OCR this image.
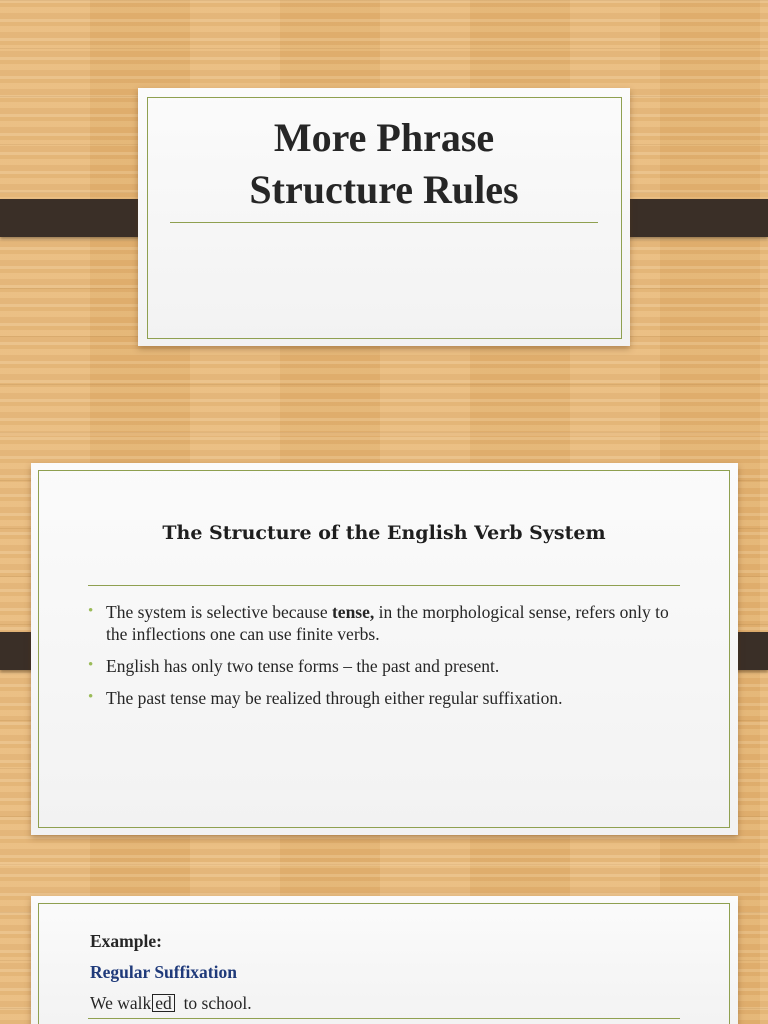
More Phrase
Structure Rules
The Structure of the English Verb System
• The system is selective because tense, in the morphological sense, refers only to the inflections one can use finite verbs.
• English has only two tense forms – the past and present.
• The past tense may be realized through either regular suffixation.
Example:
Regular Suffixation
We walk ed  to school.
